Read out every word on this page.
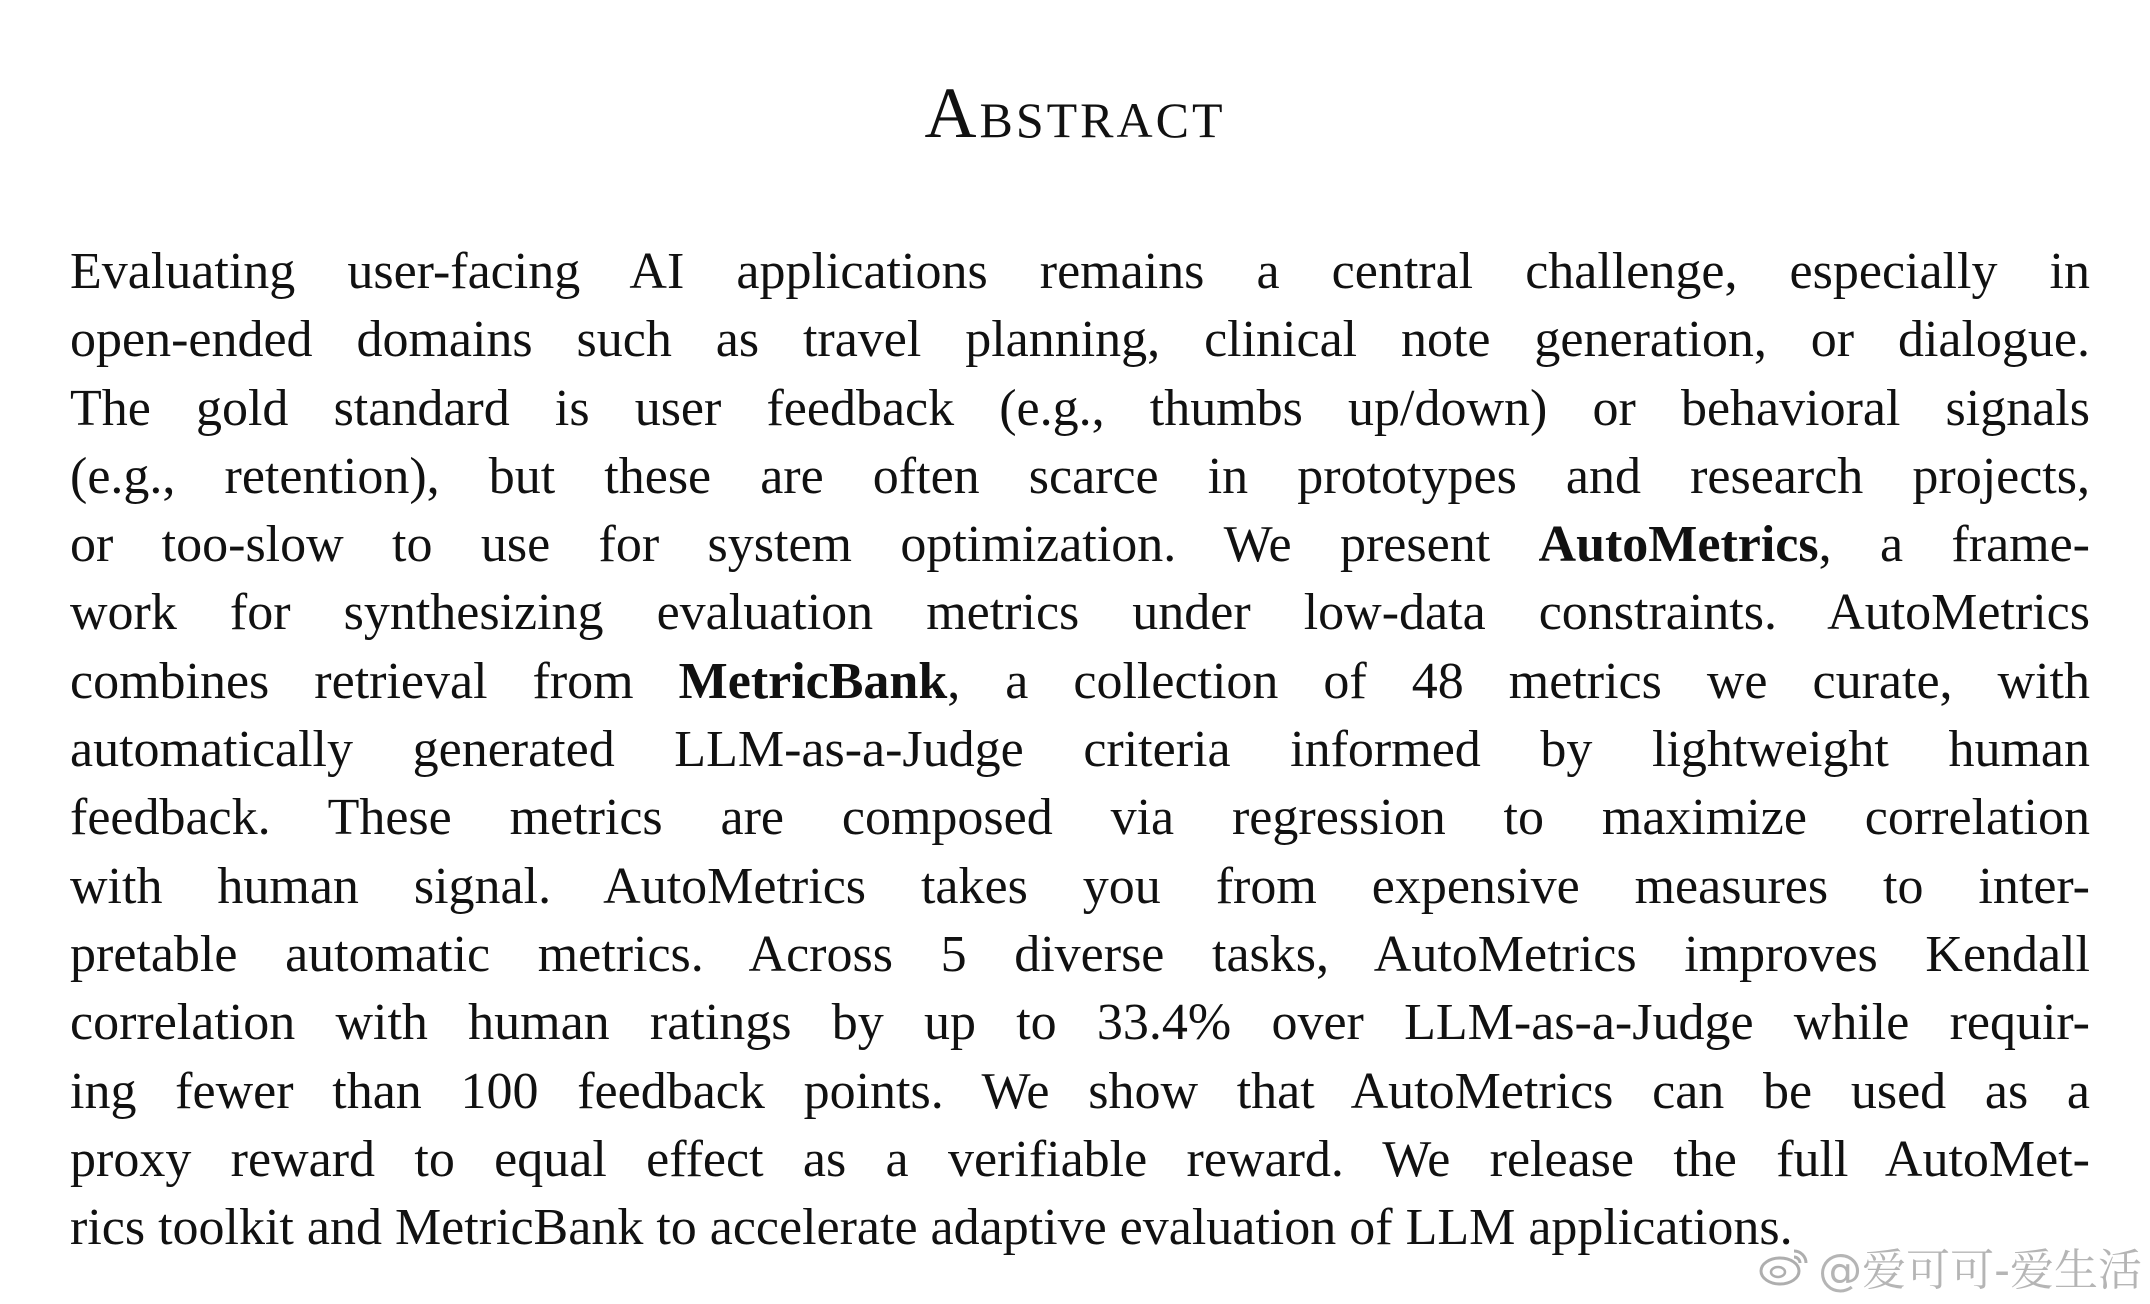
Abstract

Evaluating user-facing AI applications remains a central challenge, especially in
open-ended domains such as travel planning, clinical note generation, or dialogue.
The gold standard is user feedback (e.g., thumbs up/down) or behavioral signals
(e.g., retention), but these are often scarce in prototypes and research projects,
or too-slow to use for system optimization. We present AutoMetrics, a frame-
work for synthesizing evaluation metrics under low-data constraints. AutoMetrics
combines retrieval from MetricBank, a collection of 48 metrics we curate, with
automatically generated LLM-as-a-Judge criteria informed by lightweight human
feedback. These metrics are composed via regression to maximize correlation
with human signal. AutoMetrics takes you from expensive measures to inter-
pretable automatic metrics. Across 5 diverse tasks, AutoMetrics improves Kendall
correlation with human ratings by up to 33.4% over LLM-as-a-Judge while requir-
ing fewer than 100 feedback points. We show that AutoMetrics can be used as a
proxy reward to equal effect as a verifiable reward. We release the full AutoMet-
rics toolkit and MetricBank to accelerate adaptive evaluation of LLM applications.

@爱可可-爱生活
